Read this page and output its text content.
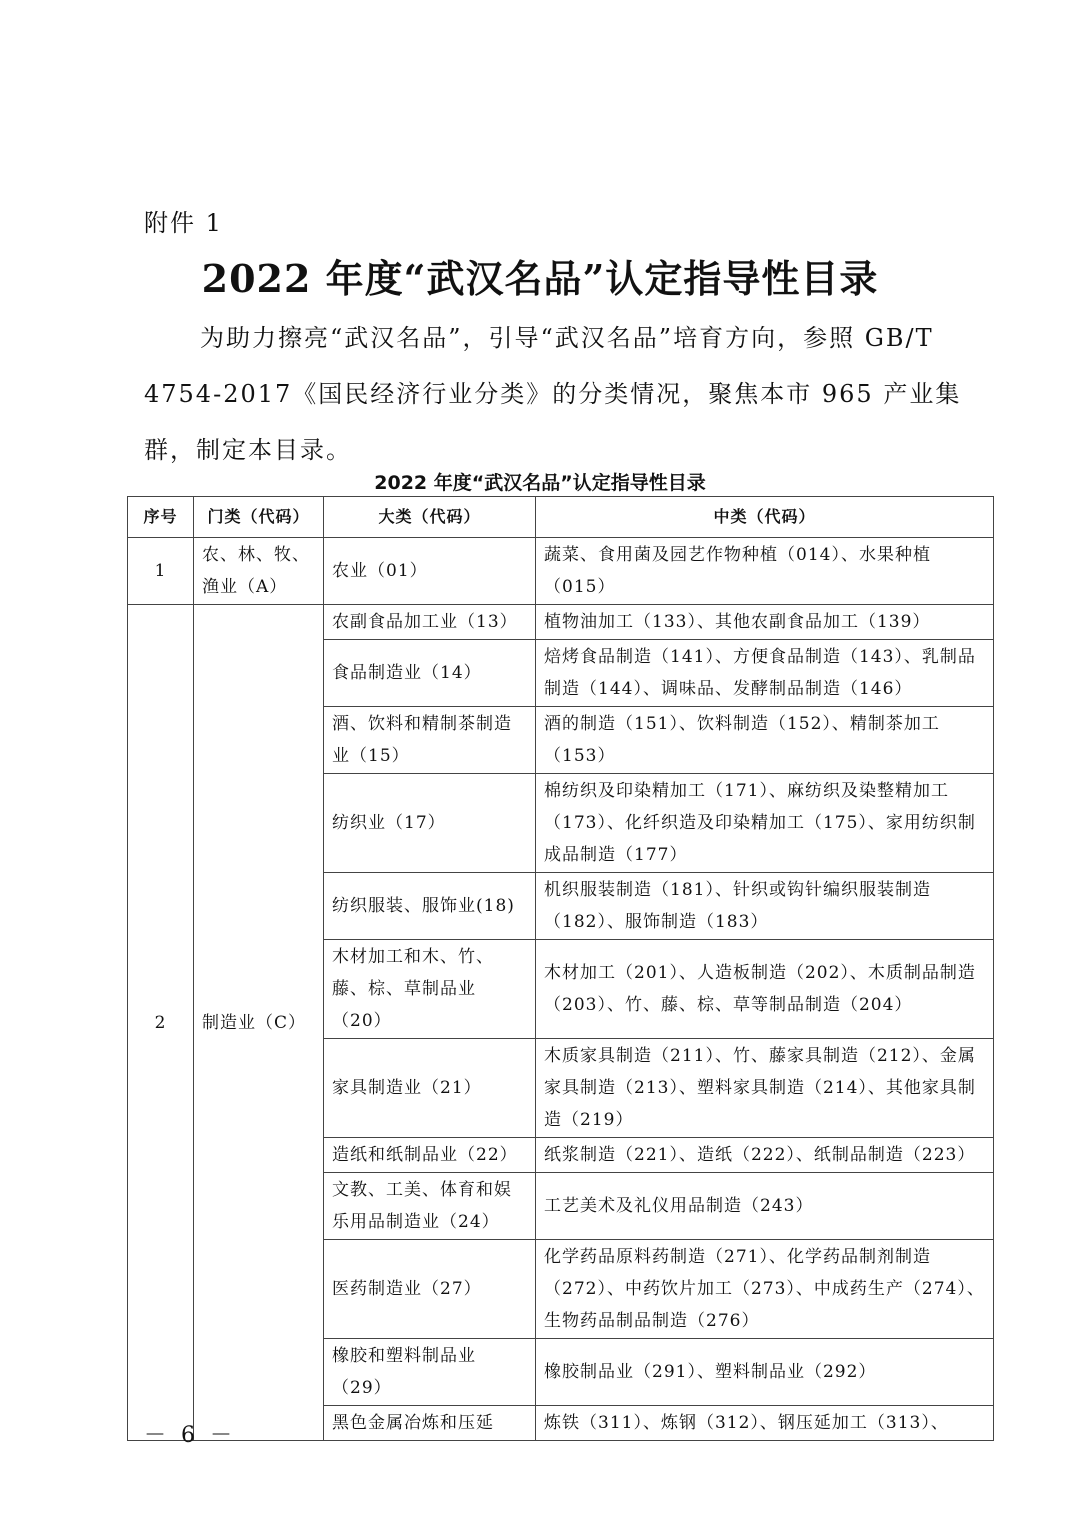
附件 1
2022 年度“武汉名品”认定指导性目录

为助力擦亮“武汉名品”，引导“武汉名品”培育方向，参照 GB/T 4754-2017《国民经济行业分类》的分类情况，聚焦本市 965 产业集群，制定本目录。

2022 年度“武汉名品”认定指导性目录
序号	门类（代码）	大类（代码）	中类（代码）
1	农、林、牧、渔业（A）	农业（01）	蔬菜、食用菌及园艺作物种植（014）、水果种植（015）
2	制造业（C）	农副食品加工业（13）	植物油加工（133）、其他农副食品加工（139）
		食品制造业（14）	焙烤食品制造（141）、方便食品制造（143）、乳制品制造（144）、调味品、发酵制品制造（146）
		酒、饮料和精制茶制造业（15）	酒的制造（151）、饮料制造（152）、精制茶加工（153）
		纺织业（17）	棉纺织及印染精加工（171）、麻纺织及染整精加工（173）、化纤织造及印染精加工（175）、家用纺织制成品制造（177）
		纺织服装、服饰业(18)	机织服装制造（181）、针织或钩针编织服装制造（182）、服饰制造（183）
		木材加工和木、竹、藤、棕、草制品业（20）	木材加工（201）、人造板制造（202）、木质制品制造（203）、竹、藤、棕、草等制品制造（204）
		家具制造业（21）	木质家具制造（211）、竹、藤家具制造（212）、金属家具制造（213）、塑料家具制造（214）、其他家具制造（219）
		造纸和纸制品业（22）	纸浆制造（221）、造纸（222）、纸制品制造（223）
		文教、工美、体育和娱乐用品制造业（24）	工艺美术及礼仪用品制造（243）
		医药制造业（27）	化学药品原料药制造（271）、化学药品制剂制造（272）、中药饮片加工（273）、中成药生产（274）、生物药品制品制造（276）
		橡胶和塑料制品业（29）	橡胶制品业（291）、塑料制品业（292）
		黑色金属冶炼和压延	炼铁（311）、炼钢（312）、钢压延加工（313）、
－ 6 －
